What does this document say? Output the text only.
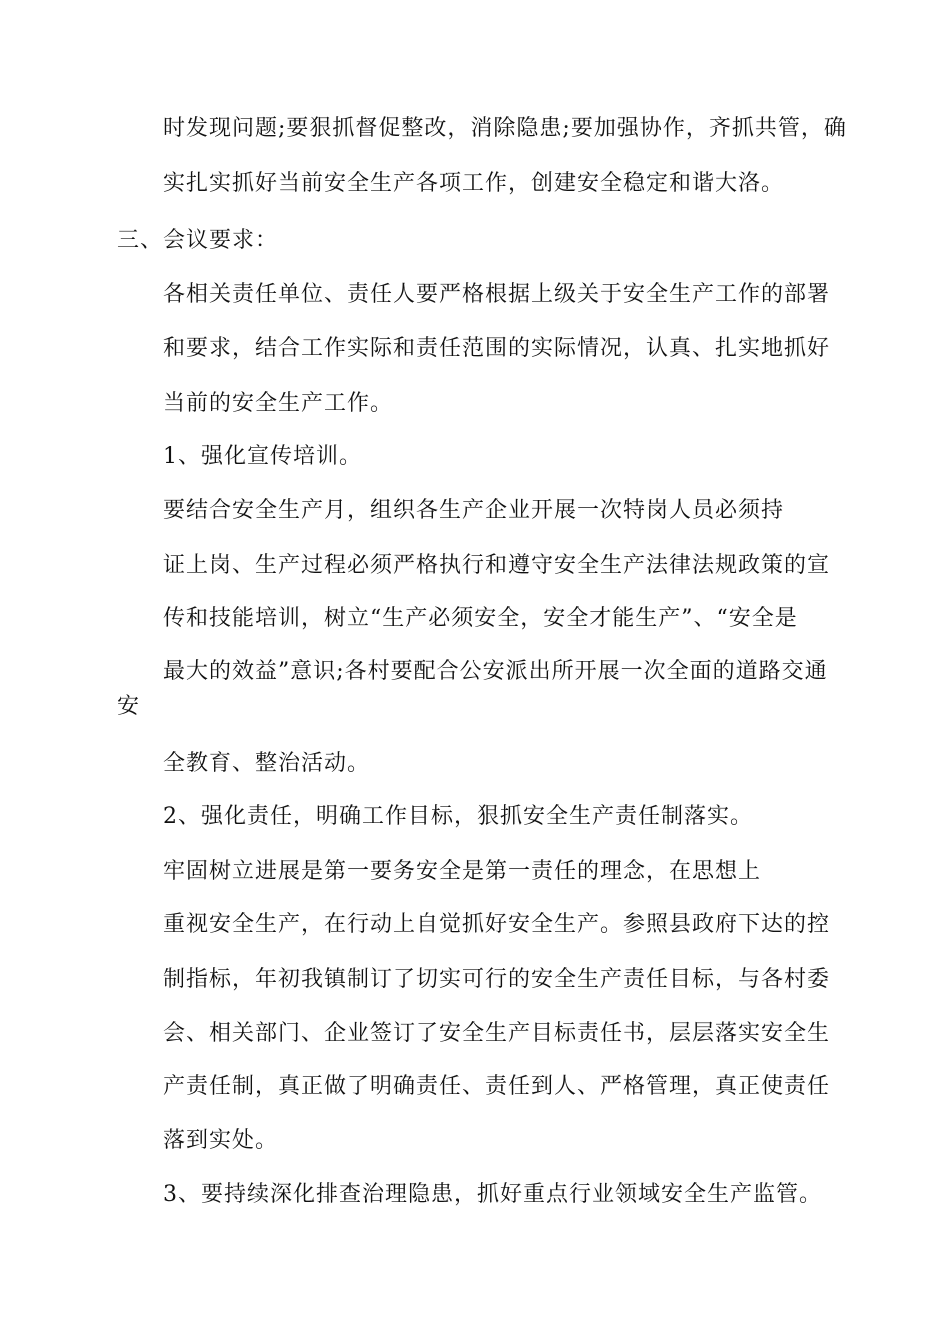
时发现问题;要狠抓督促整改，消除隐患;要加强协作，齐抓共管，确
实扎实抓好当前安全生产各项工作，创建安全稳定和谐大洛。
三、会议要求：
各相关责任单位、责任人要严格根据上级关于安全生产工作的部署
和要求，结合工作实际和责任范围的实际情况，认真、扎实地抓好
当前的安全生产工作。
1、强化宣传培训。
要结合安全生产月，组织各生产企业开展一次特岗人员必须持
证上岗、生产过程必须严格执行和遵守安全生产法律法规政策的宣
传和技能培训，树立“生产必须安全，安全才能生产”、“安全是
最大的效益”意识;各村要配合公安派出所开展一次全面的道路交通
安
全教育、整治活动。
2、强化责任，明确工作目标，狠抓安全生产责任制落实。
牢固树立进展是第一要务安全是第一责任的理念，在思想上
重视安全生产，在行动上自觉抓好安全生产。参照县政府下达的控
制指标，年初我镇制订了切实可行的安全生产责任目标，与各村委
会、相关部门、企业签订了安全生产目标责任书，层层落实安全生
产责任制，真正做了明确责任、责任到人、严格管理，真正使责任
落到实处。
3、要持续深化排查治理隐患，抓好重点行业领域安全生产监管。
